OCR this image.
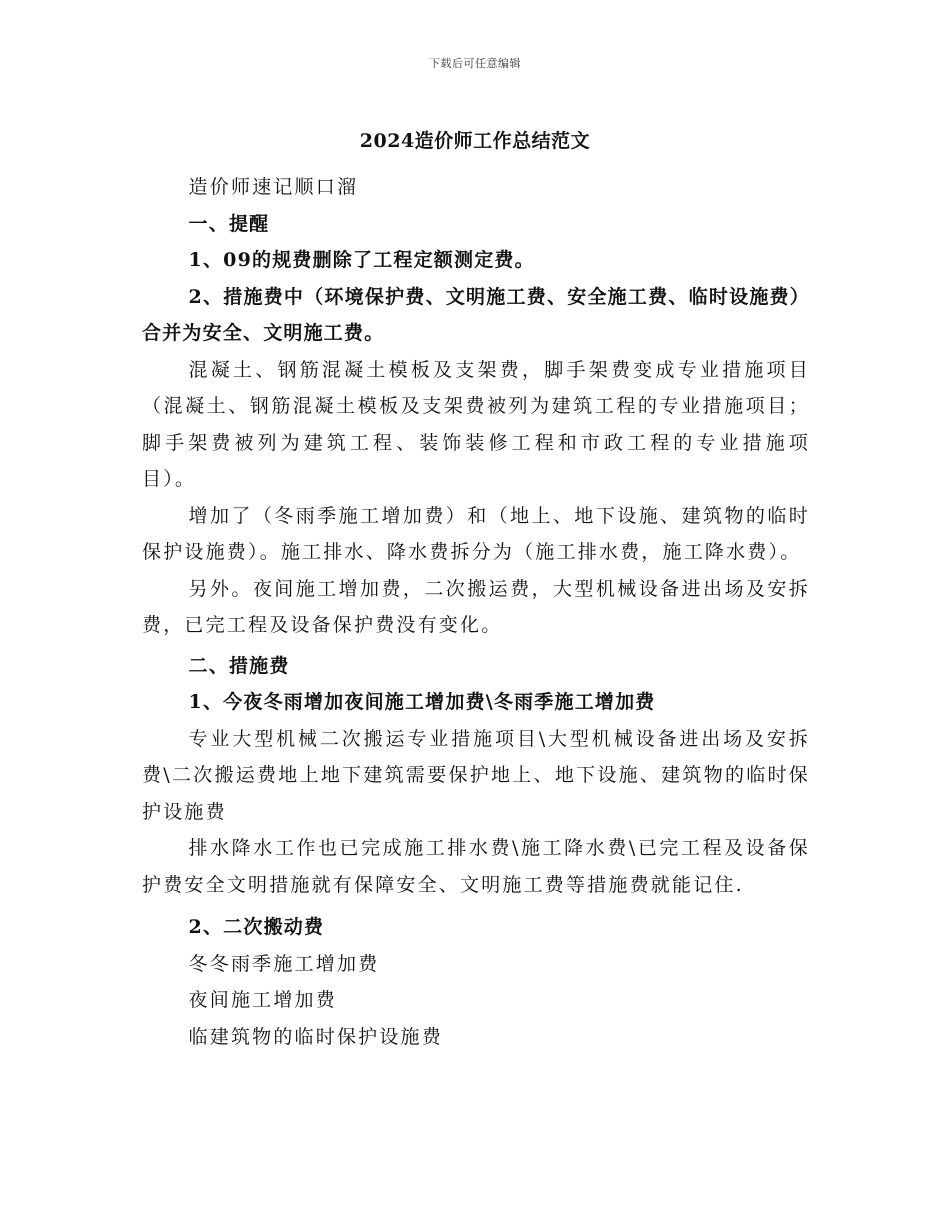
下载后可任意编辑
2024造价师工作总结范文

造价师速记顺口溜

一、提醒

1、09的规费删除了工程定额测定费。

2、措施费中（环境保护费、文明施工费、安全施工费、临时设施费）合并为安全、文明施工费。

混凝土、钢筋混凝土模板及支架费，脚手架费变成专业措施项目（混凝土、钢筋混凝土模板及支架费被列为建筑工程的专业措施项目；脚手架费被列为建筑工程、装饰装修工程和市政工程的专业措施项目）。

增加了（冬雨季施工增加费）和（地上、地下设施、建筑物的临时保护设施费）。施工排水、降水费拆分为（施工排水费，施工降水费）。

另外。夜间施工增加费，二次搬运费，大型机械设备进出场及安拆费，已完工程及设备保护费没有变化。

二、措施费

1、今夜冬雨增加夜间施工增加费\冬雨季施工增加费

专业大型机械二次搬运专业措施项目\大型机械设备进出场及安拆费\二次搬运费地上地下建筑需要保护地上、地下设施、建筑物的临时保护设施费

排水降水工作也已完成施工排水费\施工降水费\已完工程及设备保护费安全文明措施就有保障安全、文明施工费等措施费就能记住.

2、二次搬动费

冬冬雨季施工增加费

夜间施工增加费

临建筑物的临时保护设施费
